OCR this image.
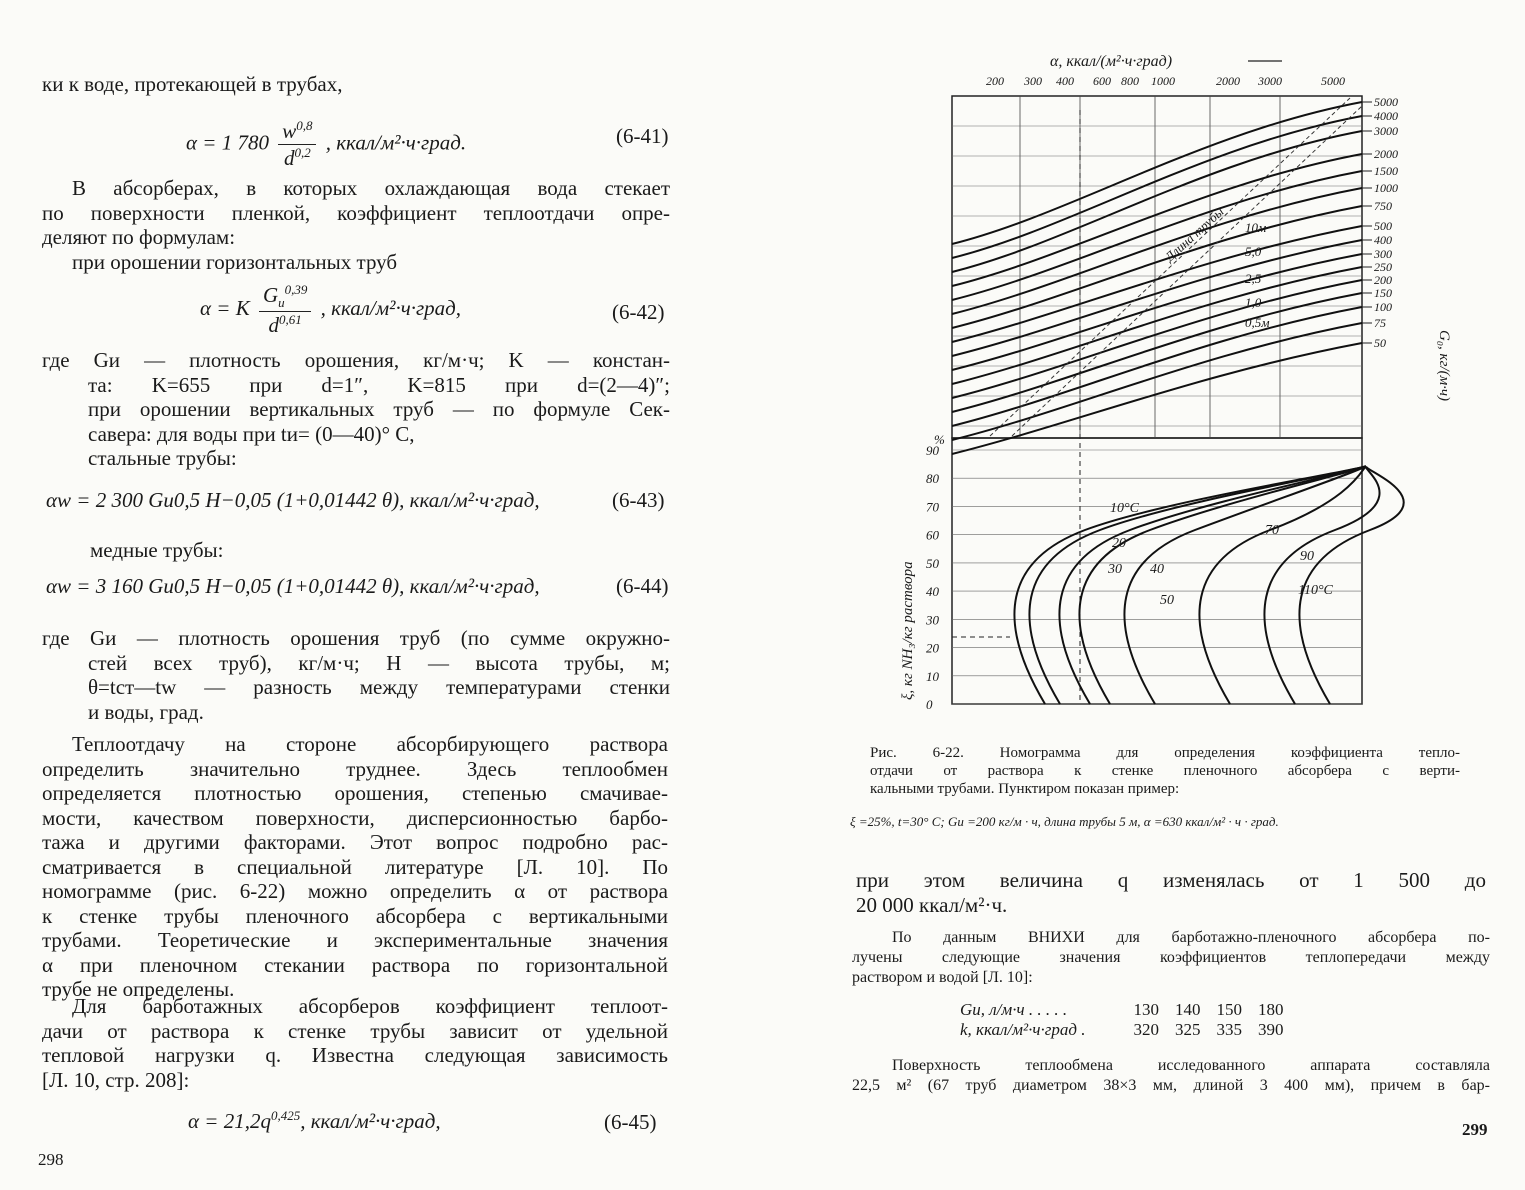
ки к воде, протекающей в трубах,
α = 1 $780 \frac{w^{0,8}}{d^{0,2}}$ , ккал/м²·ч·град.	(6-41)
В абсорберах, в которых охлаждающая вода стекает
по поверхности пленкой, коэффициент теплоотдачи опре-
деляют по формулам:
при орошении горизонтальных труб
α = K
$G_и^{0,39}$
$d^{0,61}$ , ккал/м²·ч·град,	(6-42)
где Gи — плотность орошения, кг/м·ч; K — констан-
та: K=655 при d=1″, K=815 при d=(2—4)″;
при орошении вертикальных труб — по формуле Сек-
савера: для воды при tи= (0—40)° С,
стальные трубы:
αw = 2 300 Gи0,5 H−0,05 (1+0,01442 θ), ккал/м²·ч·град,	(6-43)
медные трубы:
αw = 3 160 Gи0,5 H−0,05 (1+0,01442 θ), ккал/м²·ч·град,	(6-44)
где Gи — плотность орошения труб (по сумме окружно-
стей всех труб), кг/м·ч; H — высота трубы, м;
θ=tст—tw — разность между температурами стенки
и воды, град.
Теплоотдачу на стороне абсорбирующего раствора
определить значительно труднее. Здесь теплообмен
определяется плотностью орошения, степенью смачивае-
мости, качеством поверхности, дисперсионностью барбо-
тажа и другими факторами. Этот вопрос подробно рас-
сматривается в специальной литературе [Л. 10]. По
номограмме (рис. 6-22) можно определить α от раствора
к стенке трубы пленочного абсорбера с вертикальными
трубами. Теоретические и экспериментальные значения
α при пленочном стекании раствора по горизонтальной
трубе не определены.
Для барботажных абсорберов коэффициент теплоот-
дачи от раствора к стенке трубы зависит от удельной
тепловой нагрузки q. Известна следующая зависимость
[Л. 10, стр. 208]:
$\alpha = 21,2q^{0,425}$, ккал/м²·ч·град,	(6-45)
298
α, ккал/(м²·ч·град)
200 300 400 600 800 1000	2000 3000	5000
5000
4000
3000
2000
1500
1000
750
500
400
300
250
200
150
100
75
50	G₀, кг/(м·ч)
%
90
80
70
60
50
40
30
20
10
0
ξ, кг NH₃/кг раствора
Длина трубы 10м
5,0
2,5
1,0
0,5м
10°С
20
30 40
50
70
90
110°С
Рис. 6-22. Номограмма для определения коэффициента тепло-
отдачи от раствора к стенке пленочного абсорбера с верти-
кальными трубами. Пунктиром показан пример:
ξ =25%, t=30° С; Gи =200 кг/м · ч, длина трубы 5 м, α =630 ккал/м² · ч · град.
при этом величина q изменялась от 1 500 до
20 000 ккал/м²·ч.
По данным ВНИХИ для барботажно-пленочного абсорбера по-
лучены следующие значения коэффициентов теплопередачи между
раствором и водой [Л. 10]:
Gи, л/м·ч . . . . .	130	140	150	180
k, ккал/м²·ч·град .	320	325	335	390
Поверхность теплообмена исследованного аппарата составляла
22,5 м² (67 труб диаметром 38×3 мм, длиной 3 400 мм), причем в бар-
299
